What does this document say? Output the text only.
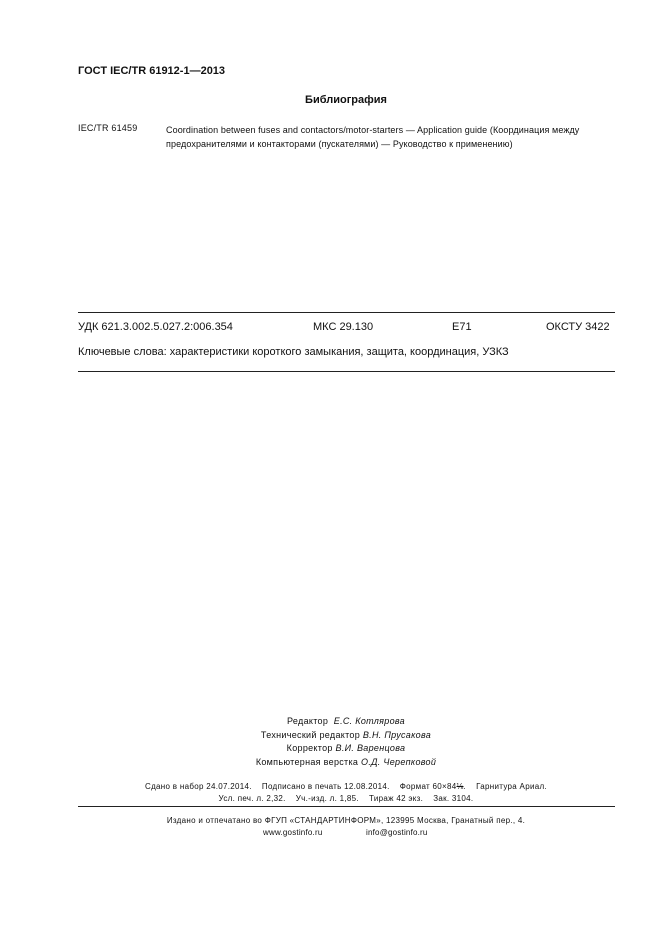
ГОСТ IEC/TR 61912-1—2013
Библиография
IEC/TR 61459	Coordination between fuses and contactors/motor-starters — Application guide (Координация между
предохранителями и контакторами (пускателями) — Руководство к применению)
УДК 621.3.002.5.027.2:006.354	МКС 29.130	E71	ОКСТУ 3422
Ключевые слова: характеристики короткого замыкания, защита, координация, УЗКЗ
Редактор Е.С. Котлярова
Технический редактор В.Н. Прусакова
Корректор В.И. Варенцова
Компьютерная верстка О.Д. Черепковой
Сдано в набор 24.07.2014. Подписано в печать 12.08.2014. Формат 60×84⅛.    Гарнитура Ариал.
Усл. печ. л. 2,32. Уч.-изд. л. 1,85. Тираж 42 экз. Зак. 3104.
Издано и отпечатано во ФГУП «СТАНДАРТИНФОРМ», 123995 Москва, Гранатный пер., 4.
www.gostinfo.ru	info@gostinfo.ru
